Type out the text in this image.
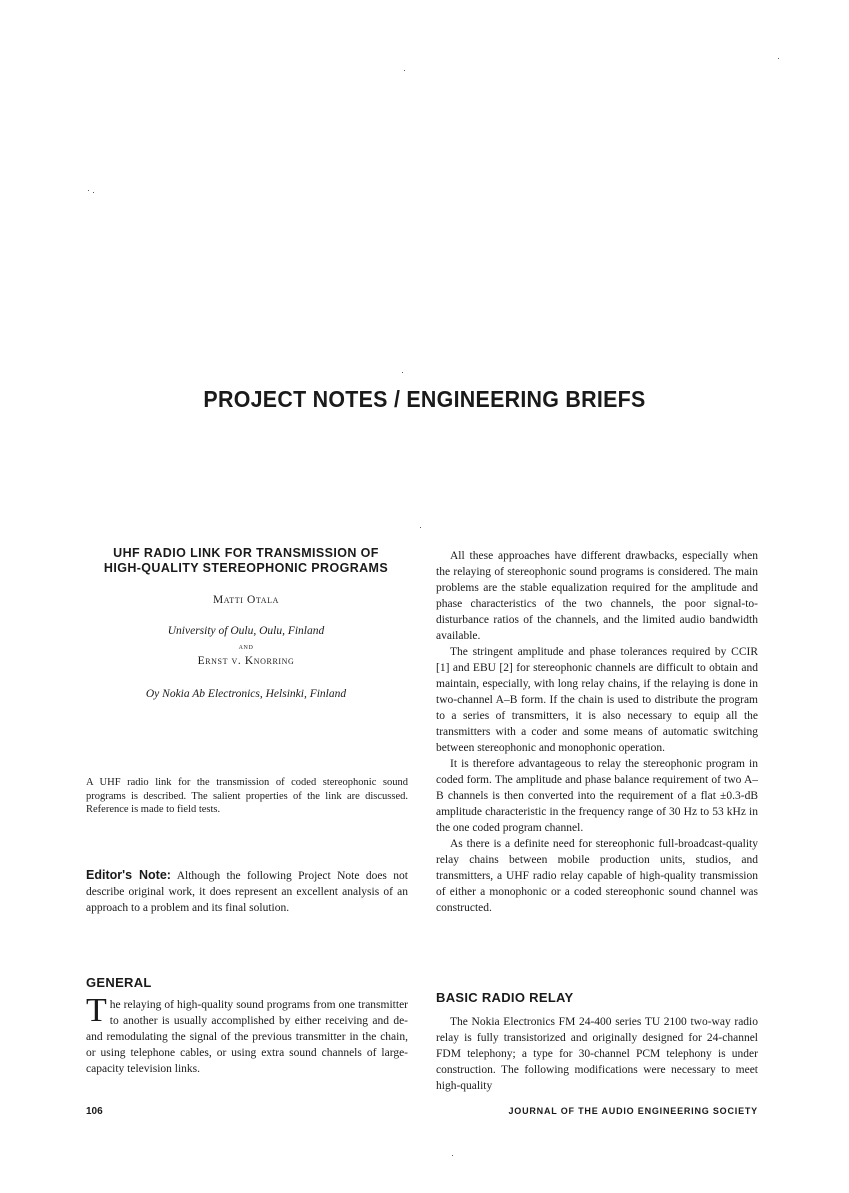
PROJECT NOTES / ENGINEERING BRIEFS
UHF RADIO LINK FOR TRANSMISSION OF
HIGH-QUALITY STEREOPHONIC PROGRAMS
Matti Otala
University of Oulu, Oulu, Finland
and
Ernst v. Knorring
Oy Nokia Ab Electronics, Helsinki, Finland
A UHF radio link for the transmission of coded stereophonic sound programs is described. The salient properties of the link are discussed. Reference is made to field tests.
Editor's Note: Although the following Project Note does not describe original work, it does represent an excellent analysis of an approach to a problem and its final solution.
GENERAL

The relaying of high-quality sound programs from one transmitter to another is usually accomplished by either receiving and de- and remodulating the signal of the previous transmitter in the chain, or using telephone cables, or using extra sound channels of large-capacity television links.

All these approaches have different drawbacks, especially when the relaying of stereophonic sound programs is considered. The main problems are the stable equalization required for the amplitude and phase characteristics of the two channels, the poor signal-to-disturbance ratios of the channels, and the limited audio bandwidth available.

The stringent amplitude and phase tolerances required by CCIR [1] and EBU [2] for stereophonic channels are difficult to obtain and maintain, especially, with long relay chains, if the relaying is done in two-channel A–B form. If the chain is used to distribute the program to a series of transmitters, it is also necessary to equip all the transmitters with a coder and some means of automatic switching between stereophonic and monophonic operation.

It is therefore advantageous to relay the stereophonic program in coded form. The amplitude and phase balance requirement of two A–B channels is then converted into the requirement of a flat ±0.3-dB amplitude characteristic in the frequency range of 30 Hz to 53 kHz in the one coded program channel.

As there is a definite need for stereophonic full-broadcast-quality relay chains between mobile production units, studios, and transmitters, a UHF radio relay capable of high-quality transmission of either a monophonic or a coded stereophonic sound channel was constructed.

BASIC RADIO RELAY

The Nokia Electronics FM 24-400 series TU 2100 two-way radio relay is fully transistorized and originally designed for 24-channel FDM telephony; a type for 30-channel PCM telephony is under construction. The following modifications were necessary to meet high-quality

106	JOURNAL OF THE AUDIO ENGINEERING SOCIETY
